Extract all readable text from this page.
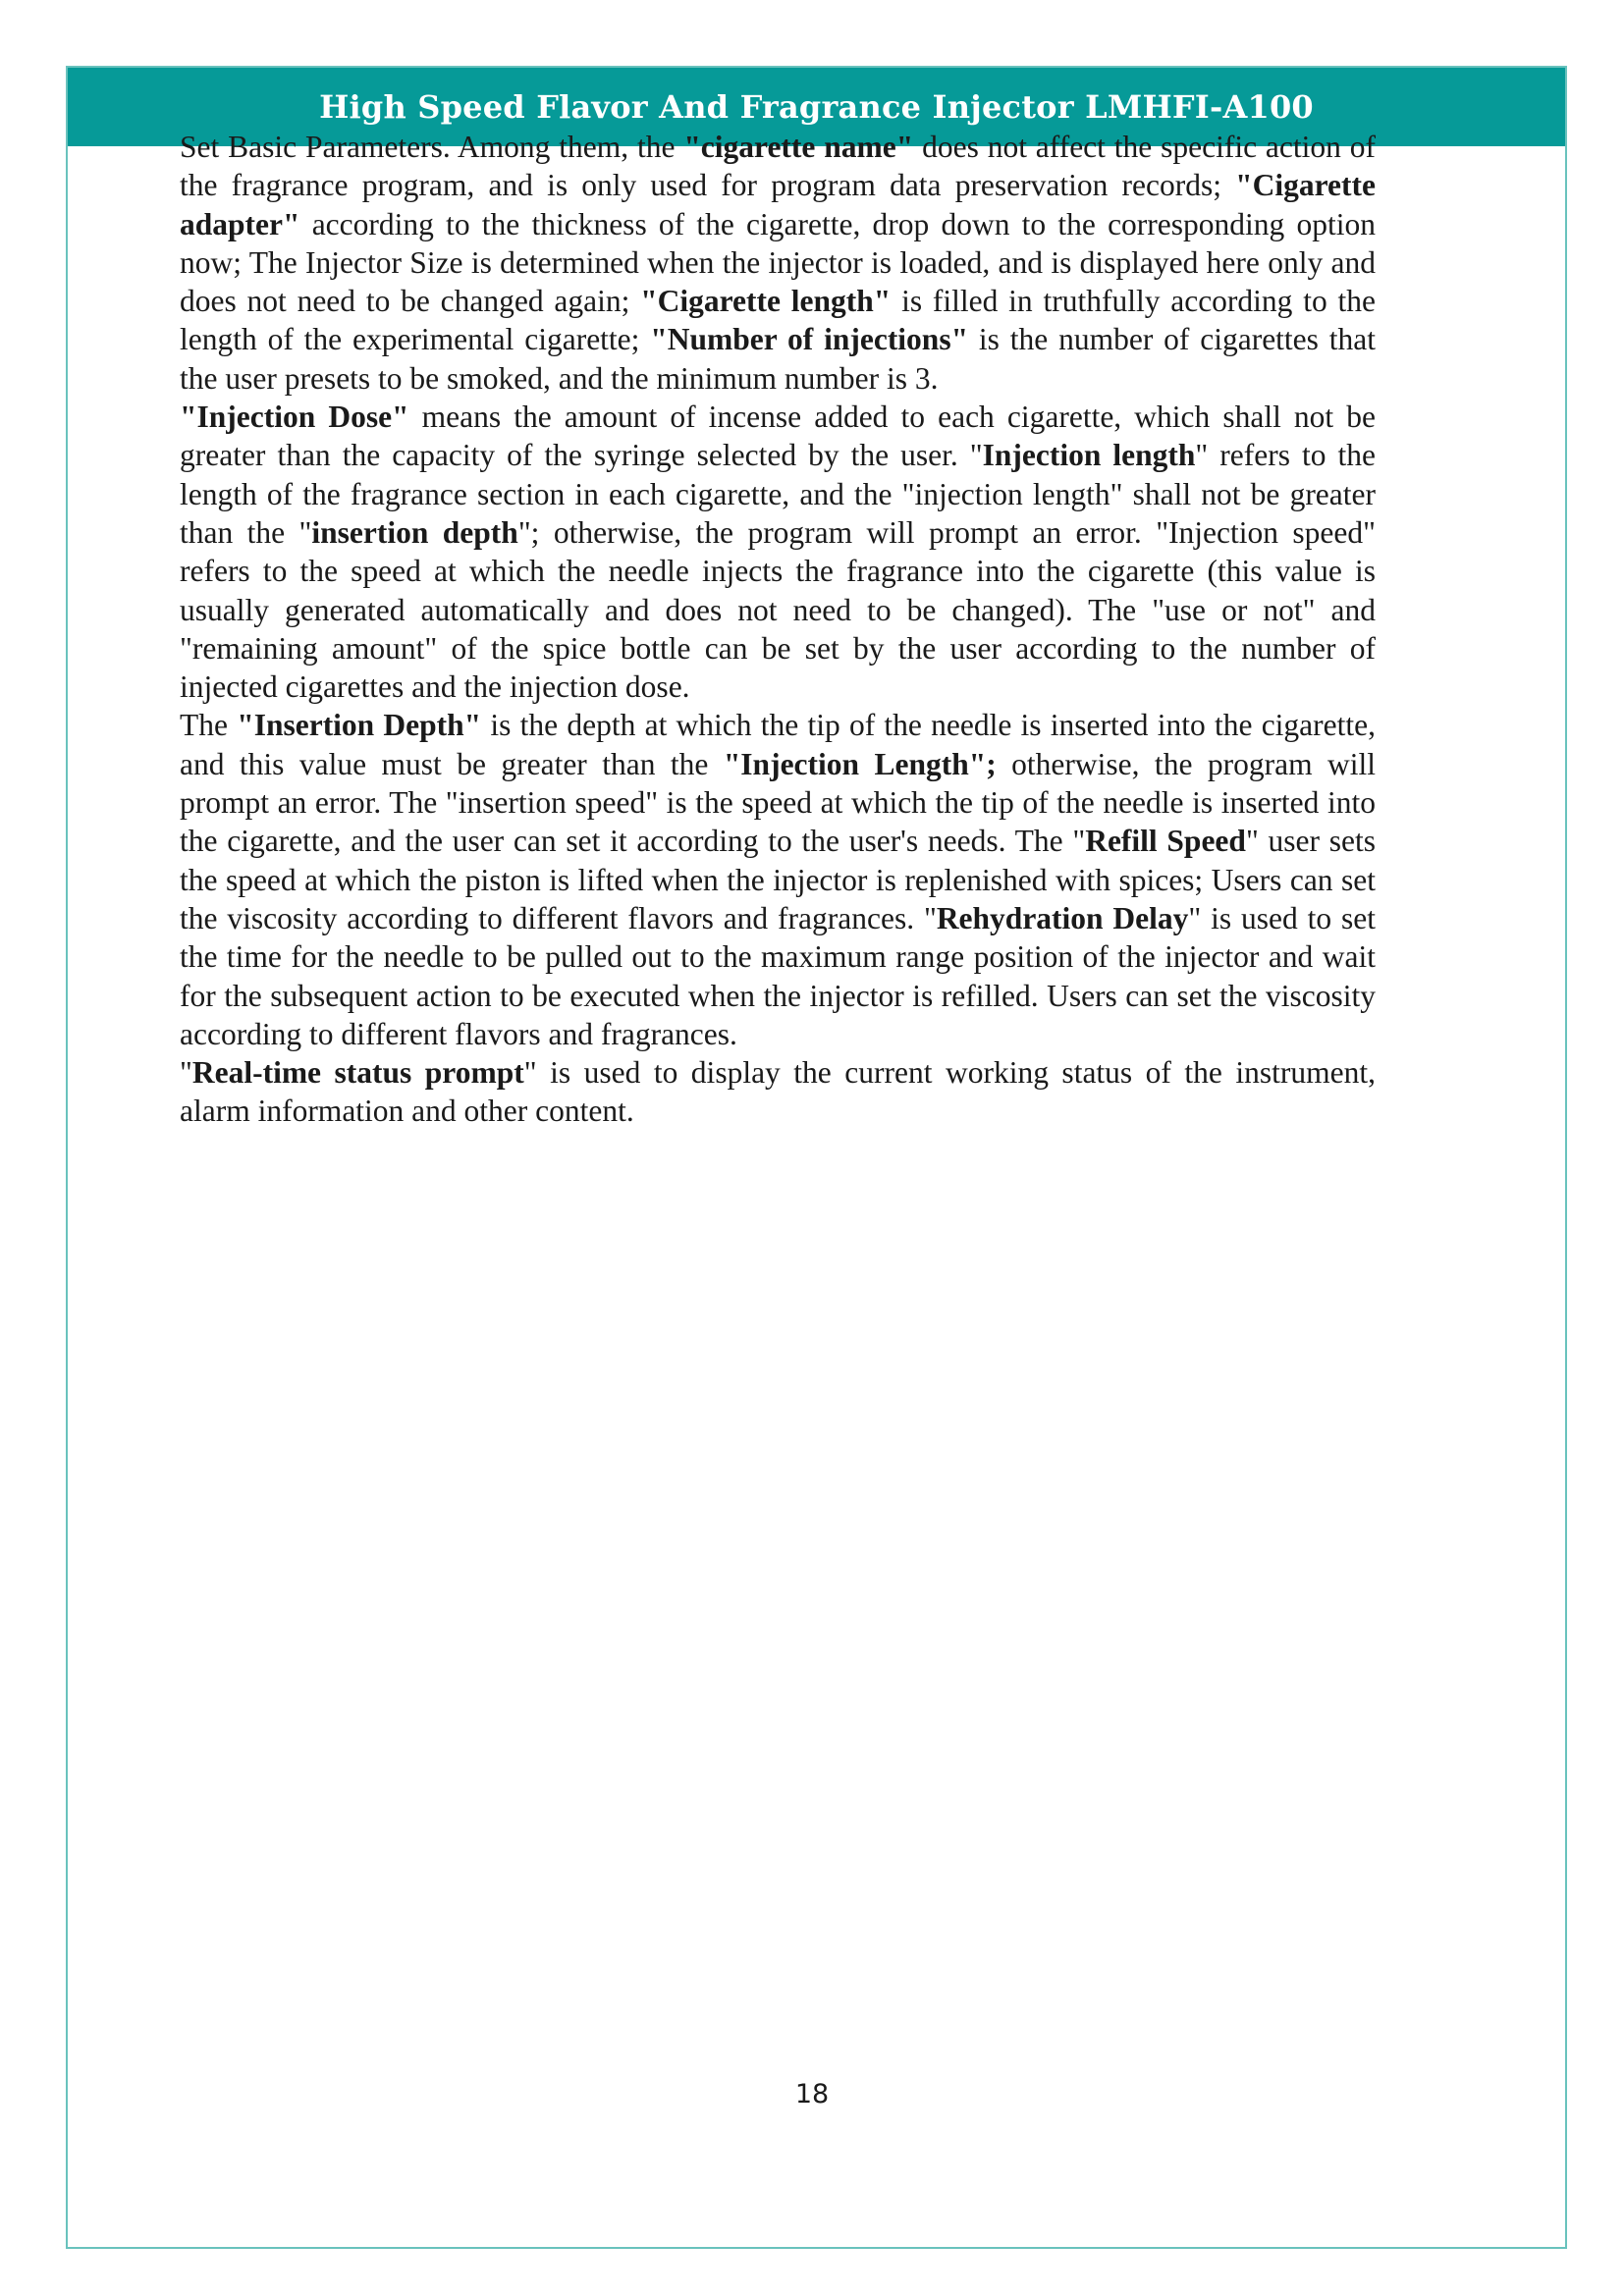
High Speed Flavor And Fragrance Injector LMHFI-A100

Set Basic Parameters. Among them, the "cigarette name" does not affect the specific action of the fragrance program, and is only used for program data preservation records; "Cigarette adapter" according to the thickness of the cigarette, drop down to the corresponding option now; The Injector Size is determined when the injector is loaded, and is displayed here only and does not need to be changed again; "Cigarette length" is filled in truthfully according to the length of the experimental cigarette; "Number of injections" is the number of cigarettes that the user presets to be smoked, and the minimum number is 3.

"Injection Dose" means the amount of incense added to each cigarette, which shall not be greater than the capacity of the syringe selected by the user. "Injection length" refers to the length of the fragrance section in each cigarette, and the "injection length" shall not be greater than the "insertion depth"; otherwise, the program will prompt an error. "Injection speed" refers to the speed at which the needle injects the fragrance into the cigarette (this value is usually generated automatically and does not need to be changed). The "use or not" and "remaining amount" of the spice bottle can be set by the user according to the number of injected cigarettes and the injection dose.

The "Insertion Depth" is the depth at which the tip of the needle is inserted into the cigarette, and this value must be greater than the "Injection Length"; otherwise, the program will prompt an error. The "insertion speed" is the speed at which the tip of the needle is inserted into the cigarette, and the user can set it according to the user's needs. The "Refill Speed" user sets the speed at which the piston is lifted when the injector is replenished with spices; Users can set the viscosity according to different flavors and fragrances. "Rehydration Delay" is used to set the time for the needle to be pulled out to the maximum range position of the injector and wait for the subsequent action to be executed when the injector is refilled. Users can set the viscosity according to different flavors and fragrances.

"Real-time status prompt" is used to display the current working status of the instrument, alarm information and other content.

18
